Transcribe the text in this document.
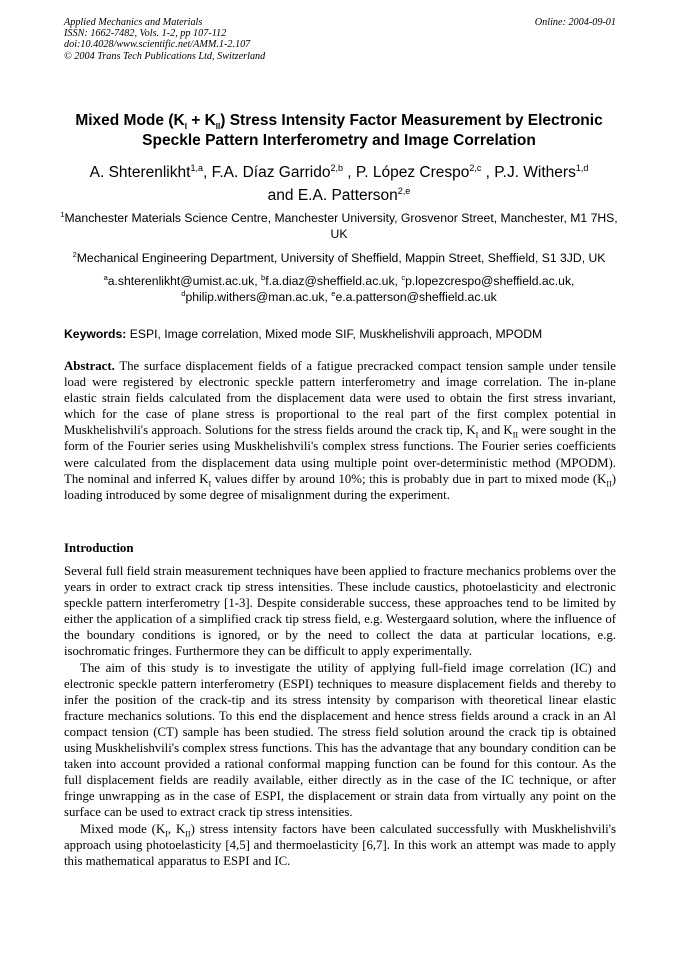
Applied Mechanics and Materials
ISSN: 1662-7482, Vols. 1-2, pp 107-112
doi:10.4028/www.scientific.net/AMM.1-2.107
© 2004 Trans Tech Publications Ltd, Switzerland
Online: 2004-09-01
Mixed Mode $(K_I + K_{II})$ Stress Intensity Factor Measurement by Electronic Speckle Pattern Interferometry and Image Correlation
A. Shterenlikht$^{1,a}$, F.A. Díaz Garrido$^{2,b}$ , P. López Crespo$^{2,c}$ , P.J. Withers$^{1,d}$
and E.A. Patterson$^{2,e}$
$^1$Manchester Materials Science Centre, Manchester University, Grosvenor Street, Manchester, M1 7HS, UK
$^2$Mechanical Engineering Department, University of Sheffield, Mappin Street, Sheffield, S1 3JD, UK
$^a$a.shterenlikht@umist.ac.uk, $^b$f.a.diaz@sheffield.ac.uk, $^c$p.lopezcrespo@sheffield.ac.uk,
$^d$philip.withers@man.ac.uk, $^e$e.a.patterson@sheffield.ac.uk
Keywords: ESPI, Image correlation, Mixed mode SIF, Muskhelishvili approach, MPODM
Abstract. The surface displacement fields of a fatigue precracked compact tension sample under tensile load were registered by electronic speckle pattern interferometry and image correlation. The in-plane elastic strain fields calculated from the displacement data were used to obtain the first stress invariant, which for the case of plane stress is proportional to the real part of the first complex potential in Muskhelishvili's approach. Solutions for the stress fields around the crack tip, $K_I$ and $K_{II}$ were sought in the form of the Fourier series using Muskhelishvili's complex stress functions. The Fourier series coefficients were calculated from the displacement data using multiple point over-deterministic method (MPODM). The nominal and inferred $K_I$ values differ by around 10%; this is probably due in part to mixed mode $(K_{II})$ loading introduced by some degree of misalignment during the experiment.
Introduction

Several full field strain measurement techniques have been applied to fracture mechanics problems over the years in order to extract crack tip stress intensities. These include caustics, photoelasticity and electronic speckle pattern interferometry [1-3]. Despite considerable success, these approaches tend to be limited by either the application of a simplified crack tip stress field, e.g. Westergaard solution, where the influence of the boundary conditions is ignored, or by the need to collect the data at particular locations, e.g. isochromatic fringes. Furthermore they can be difficult to apply experimentally.

The aim of this study is to investigate the utility of applying full-field image correlation (IC) and electronic speckle pattern interferometry (ESPI) techniques to measure displacement fields and thereby to infer the position of the crack-tip and its stress intensity by comparison with theoretical linear elastic fracture mechanics solutions. To this end the displacement and hence stress fields around a crack in an Al compact tension (CT) sample has been studied. The stress field solution around the crack tip is obtained using Muskhelishvili's complex stress functions. This has the advantage that any boundary condition can be taken into account provided a rational conformal mapping function can be found for this contour. As the full displacement fields are readily available, either directly as in the case of the IC technique, or after fringe unwrapping as in the case of ESPI, the displacement or strain data from virtually any point on the surface can be used to extract crack tip stress intensities.

Mixed mode ($K_I$, $K_{II}$) stress intensity factors have been calculated successfully with Muskhelishvili's approach using photoelasticity [4,5] and thermoelasticity [6,7]. In this work an attempt was made to apply this mathematical apparatus to ESPI and IC.
